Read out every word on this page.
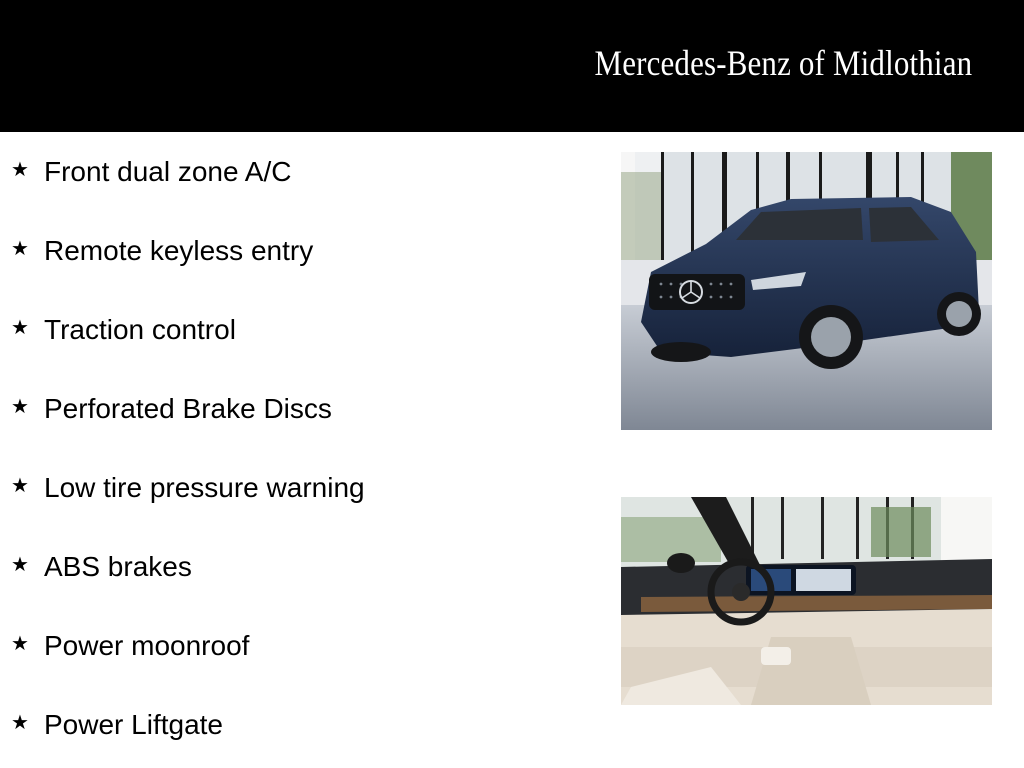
Mercedes-Benz of Midlothian
★ Front dual zone A/C
★ Remote keyless entry
★ Traction control
★ Perforated Brake Discs
★ Low tire pressure warning
★ ABS brakes
★ Power moonroof
★ Power Liftgate
